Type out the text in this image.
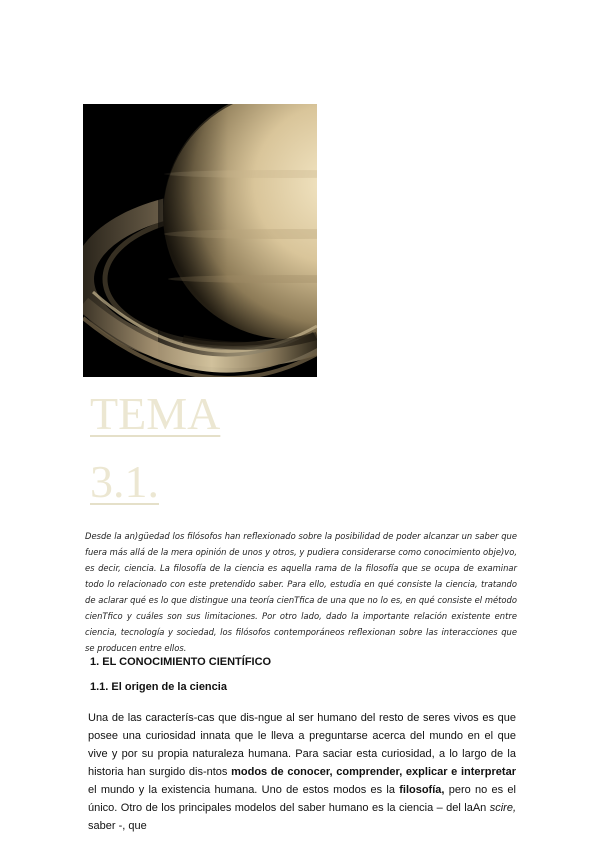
TEMA
3.1.

Desde la an)güedad los filósofos han reflexionado sobre la posibilidad de poder alcanzar un saber que fuera más allá de la mera opinión de unos y otros, y pudiera considerarse como conocimiento obje)vo, es decir, ciencia. La filosofía de la ciencia es aquella rama de la filosofía que se ocupa de examinar todo lo relacionado con este pretendido saber. Para ello, estudia en qué consiste la ciencia, tratando de aclarar qué es lo que distingue una teoría cienTfica de una que no lo es, en qué consiste el método cienTfico y cuáles son sus limitaciones. Por otro lado, dado la importante relación existente entre ciencia, tecnología y sociedad, los filósofos contemporáneos reflexionan sobre las interacciones que se producen entre ellos.

1. EL CONOCIMIENTO CIENTÍFICO
1.1. El origen de la ciencia

Una de las caracterís-cas que dis-ngue al ser humano del resto de seres vivos es que posee una curiosidad innata que le lleva a preguntarse acerca del mundo en el que vive y por su propia naturaleza humana. Para saciar esta curiosidad, a lo largo de la historia han surgido dis-ntos modos de conocer, comprender, explicar e interpretar el mundo y la existencia humana. Uno de estos modos es la filosofía, pero no es el único. Otro de los principales modelos del saber humano es la ciencia – del laAn scire, saber -, que
